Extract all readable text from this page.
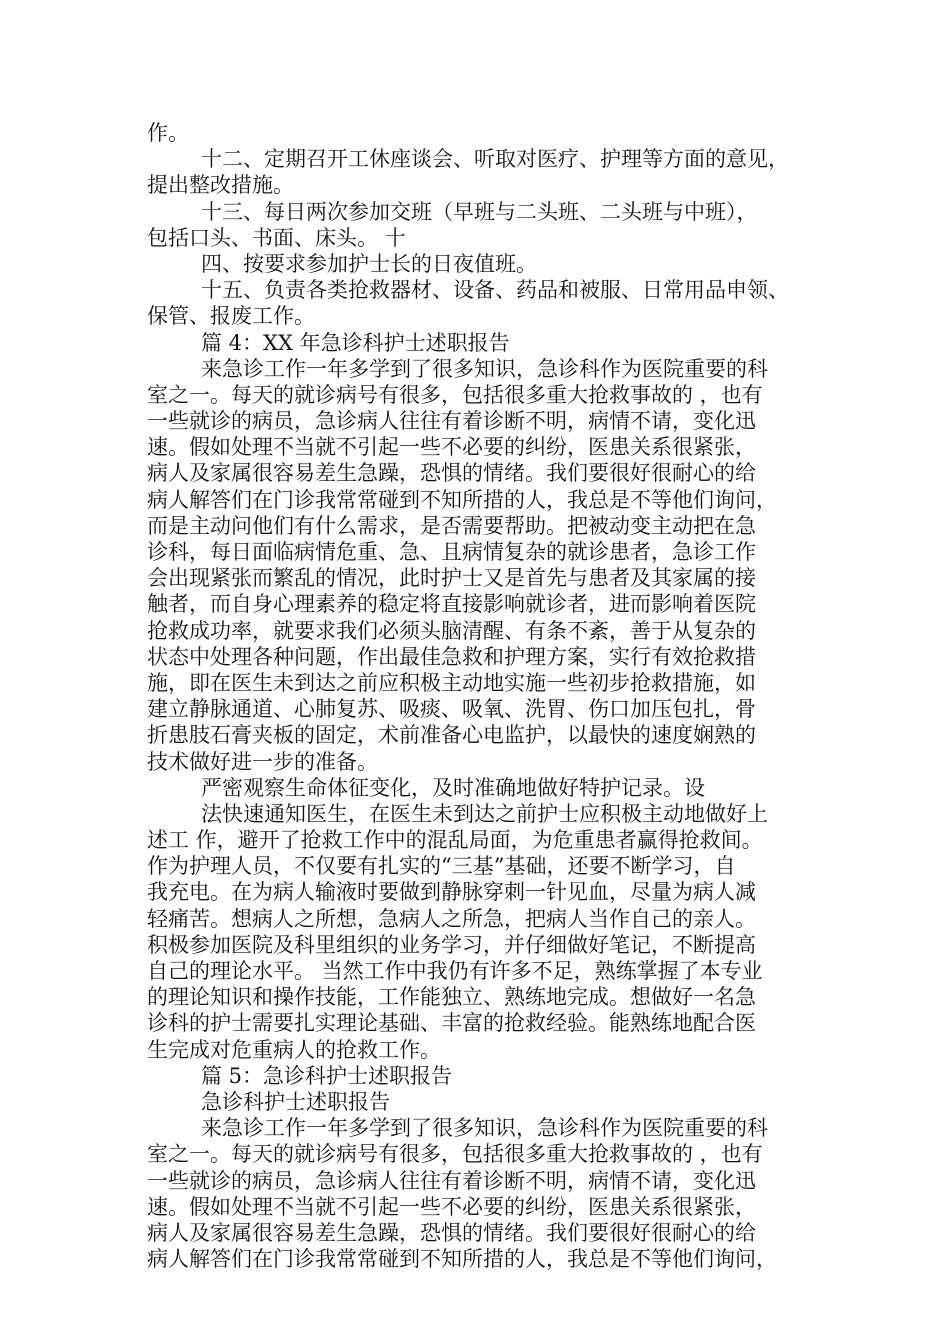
作。
十二、定期召开工休座谈会、听取对医疗、护理等方面的意见，
提出整改措施。
十三、每日两次参加交班（早班与二头班、二头班与中班），
包括口头、书面、床头。 十
四、按要求参加护士长的日夜值班。
十五、负责各类抢救器材、设备、药品和被服、日常用品申领、
保管、报废工作。
篇 4：XX 年急诊科护士述职报告
来急诊工作一年多学到了很多知识，急诊科作为医院重要的科
室之一。每天的就诊病号有很多，包括很多重大抢救事故的 ，也有
一些就诊的病员，急诊病人往往有着诊断不明，病情不请，变化迅
速。假如处理不当就不引起一些不必要的纠纷，医患关系很紧张，
病人及家属很容易差生急躁，恐惧的情绪。我们要很好很耐心的给
病人解答们在门诊我常常碰到不知所措的人，我总是不等他们询问，
而是主动问他们有什么需求，是否需要帮助。把被动变主动把在急
诊科，每日面临病情危重、急、且病情复杂的就诊患者，急诊工作
会出现紧张而繁乱的情况，此时护士又是首先与患者及其家属的接
触者，而自身心理素养的稳定将直接影响就诊者，进而影响着医院
抢救成功率，就要求我们必须头脑清醒、有条不紊，善于从复杂的
状态中处理各种问题，作出最佳急救和护理方案，实行有效抢救措
施，即在医生未到达之前应积极主动地实施一些初步抢救措施，如
建立静脉通道、心肺复苏、吸痰、吸氧、洗胃、伤口加压包扎，骨
折患肢石膏夹板的固定，术前准备心电监护，以最快的速度娴熟的
技术做好进一步的准备。
严密观察生命体征变化，及时准确地做好特护记录。设
法快速通知医生，在医生未到达之前护士应积极主动地做好上
述工 作，避开了抢救工作中的混乱局面，为危重患者赢得抢救间。
作为护理人员，不仅要有扎实的“三基”基础，还要不断学习，自
我充电。在为病人输液时要做到静脉穿刺一针见血，尽量为病人减
轻痛苦。想病人之所想，急病人之所急，把病人当作自己的亲人。
积极参加医院及科里组织的业务学习，并仔细做好笔记，不断提高
自己的理论水平。 当然工作中我仍有许多不足，熟练掌握了本专业
的理论知识和操作技能，工作能独立、熟练地完成。想做好一名急
诊科的护士需要扎实理论基础、丰富的抢救经验。能熟练地配合医
生完成对危重病人的抢救工作。
篇 5：急诊科护士述职报告
急诊科护士述职报告
来急诊工作一年多学到了很多知识，急诊科作为医院重要的科
室之一。每天的就诊病号有很多，包括很多重大抢救事故的 ，也有
一些就诊的病员，急诊病人往往有着诊断不明，病情不请，变化迅
速。假如处理不当就不引起一些不必要的纠纷，医患关系很紧张，
病人及家属很容易差生急躁，恐惧的情绪。我们要很好很耐心的给
病人解答们在门诊我常常碰到不知所措的人，我总是不等他们询问，
